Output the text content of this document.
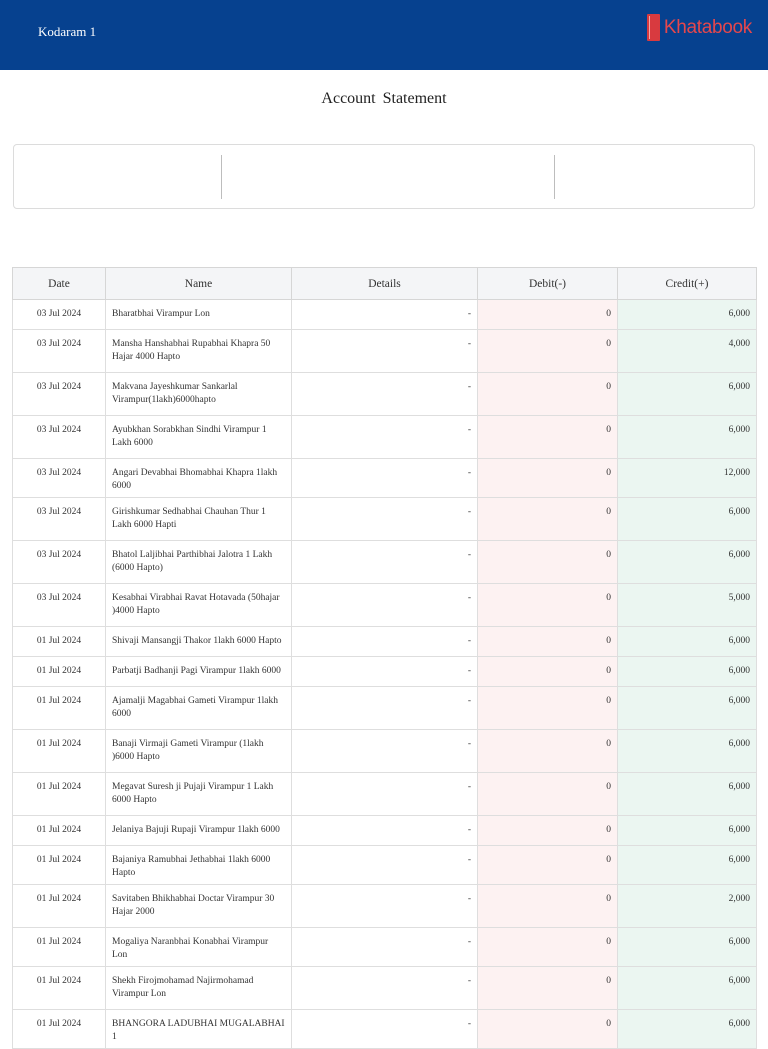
Kodaram 1	Khatabook
Account Statement
Date	Name	Details	Debit(-)	Credit(+)
03 Jul 2024	Bharatbhai Virampur Lon	-	0	6,000
03 Jul 2024	Mansha Hanshabhai Rupabhai Khapra 50 Hajar 4000 Hapto	-	0	4,000
03 Jul 2024	Makvana Jayeshkumar Sankarlal Virampur(1lakh)6000hapto	-	0	6,000
03 Jul 2024	Ayubkhan Sorabkhan Sindhi Virampur 1 Lakh 6000	-	0	6,000
03 Jul 2024	Angari Devabhai Bhomabhai Khapra 1lakh 6000	-	0	12,000
03 Jul 2024	Girishkumar Sedhabhai Chauhan Thur 1 Lakh 6000 Hapti	-	0	6,000
03 Jul 2024	Bhatol Laljibhai Parthibhai Jalotra 1 Lakh (6000 Hapto)	-	0	6,000
03 Jul 2024	Kesabhai Virabhai Ravat Hotavada (50hajar )4000 Hapto	-	0	5,000
01 Jul 2024	Shivaji Mansangji Thakor 1lakh 6000 Hapto	-	0	6,000
01 Jul 2024	Parbatji Badhanji Pagi Virampur 1lakh 6000	-	0	6,000
01 Jul 2024	Ajamalji Magabhai Gameti Virampur 1lakh 6000	-	0	6,000
01 Jul 2024	Banaji Virmaji Gameti Virampur (1lakh )6000 Hapto	-	0	6,000
01 Jul 2024	Megavat Suresh ji Pujaji Virampur 1 Lakh 6000 Hapto	-	0	6,000
01 Jul 2024	Jelaniya Bajuji Rupaji Virampur 1lakh 6000	-	0	6,000
01 Jul 2024	Bajaniya Ramubhai Jethabhai 1lakh 6000 Hapto	-	0	6,000
01 Jul 2024	Savitaben Bhikhabhai Doctar Virampur 30 Hajar 2000	-	0	2,000
01 Jul 2024	Mogaliya Naranbhai Konabhai Virampur Lon	-	0	6,000
01 Jul 2024	Shekh Firojmohamad Najirmohamad Virampur Lon	-	0	6,000
01 Jul 2024	BHANGORA LADUBHAI MUGALABHAI 1	-	0	6,000
